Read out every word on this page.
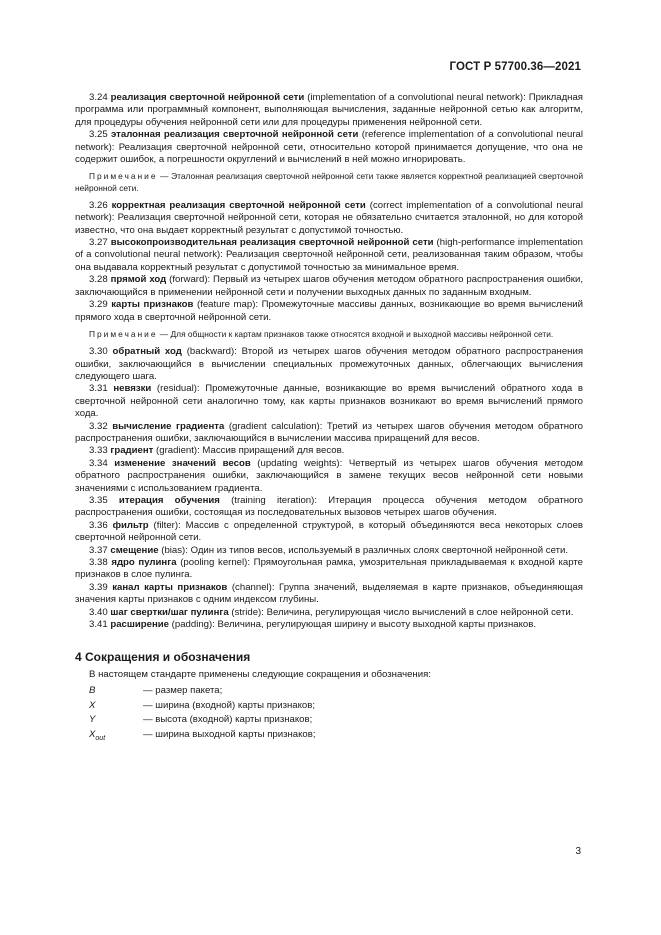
ГОСТ Р 57700.36—2021

3.24 реализация сверточной нейронной сети (implementation of a convolutional neural network): Прикладная программа или программный компонент, выполняющая вычисления, заданные нейронной сетью как алгоритм, для процедуры обучения нейронной сети или для процедуры применения нейронной сети.

3.25 эталонная реализация сверточной нейронной сети (reference implementation of a convolutional neural network): Реализация сверточной нейронной сети, относительно которой принимается допущение, что она не содержит ошибок, а погрешности округлений и вычислений в ней можно игнорировать.

Примечание — Эталонная реализация сверточной нейронной сети также является корректной реализацией сверточной нейронной сети.

3.26 корректная реализация сверточной нейронной сети (correct implementation of a convolutional neural network): Реализация сверточной нейронной сети, которая не обязательно считается эталонной, но для которой известно, что она выдает корректный результат с допустимой точностью.

3.27 высокопроизводительная реализация сверточной нейронной сети (high-performance implementation of a convolutional neural network): Реализация сверточной нейронной сети, реализованная таким образом, чтобы она выдавала корректный результат с допустимой точностью за минимальное время.

3.28 прямой ход (forward): Первый из четырех шагов обучения методом обратного распространения ошибки, заключающийся в применении нейронной сети и получении выходных данных по заданным входным.

3.29 карты признаков (feature map): Промежуточные массивы данных, возникающие во время вычислений прямого хода в сверточной нейронной сети.

Примечание — Для общности к картам признаков также относятся входной и выходной массивы нейронной сети.

3.30 обратный ход (backward): Второй из четырех шагов обучения методом обратного распространения ошибки, заключающийся в вычислении специальных промежуточных данных, облегчающих вычисления следующего шага.

3.31 невязки (residual): Промежуточные данные, возникающие во время вычислений обратного хода в сверточной нейронной сети аналогично тому, как карты признаков возникают во время вычислений прямого хода.

3.32 вычисление градиента (gradient calculation): Третий из четырех шагов обучения методом обратного распространения ошибки, заключающийся в вычислении массива приращений для весов.

3.33 градиент (gradient): Массив приращений для весов.

3.34 изменение значений весов (updating weights): Четвертый из четырех шагов обучения методом обратного распространения ошибки, заключающийся в замене текущих весов нейронной сети новыми значениями с использованием градиента.

3.35 итерация обучения (training iteration): Итерация процесса обучения методом обратного распространения ошибки, состоящая из последовательных вызовов четырех шагов обучения.

3.36 фильтр (filter): Массив с определенной структурой, в который объединяются веса некоторых слоев сверточной нейронной сети.

3.37 смещение (bias): Один из типов весов, используемый в различных слоях сверточной нейронной сети.

3.38 ядро пулинга (pooling kernel): Прямоугольная рамка, умозрительная прикладываемая к входной карте признаков в слое пулинга.

3.39 канал карты признаков (channel): Группа значений, выделяемая в карте признаков, объединяющая значения карты признаков с одним индексом глубины.

3.40 шаг свертки/шаг пулинга (stride): Величина, регулирующая число вычислений в слое нейронной сети.

3.41 расширение (padding): Величина, регулирующая ширину и высоту выходной карты признаков.

4 Сокращения и обозначения

В настоящем стандарте применены следующие сокращения и обозначения:

B	— размер пакета;
X	— ширина (входной) карты признаков;
Y	— высота (входной) карты признаков;
$X_{out}$	— ширина выходной карты признаков;
3
